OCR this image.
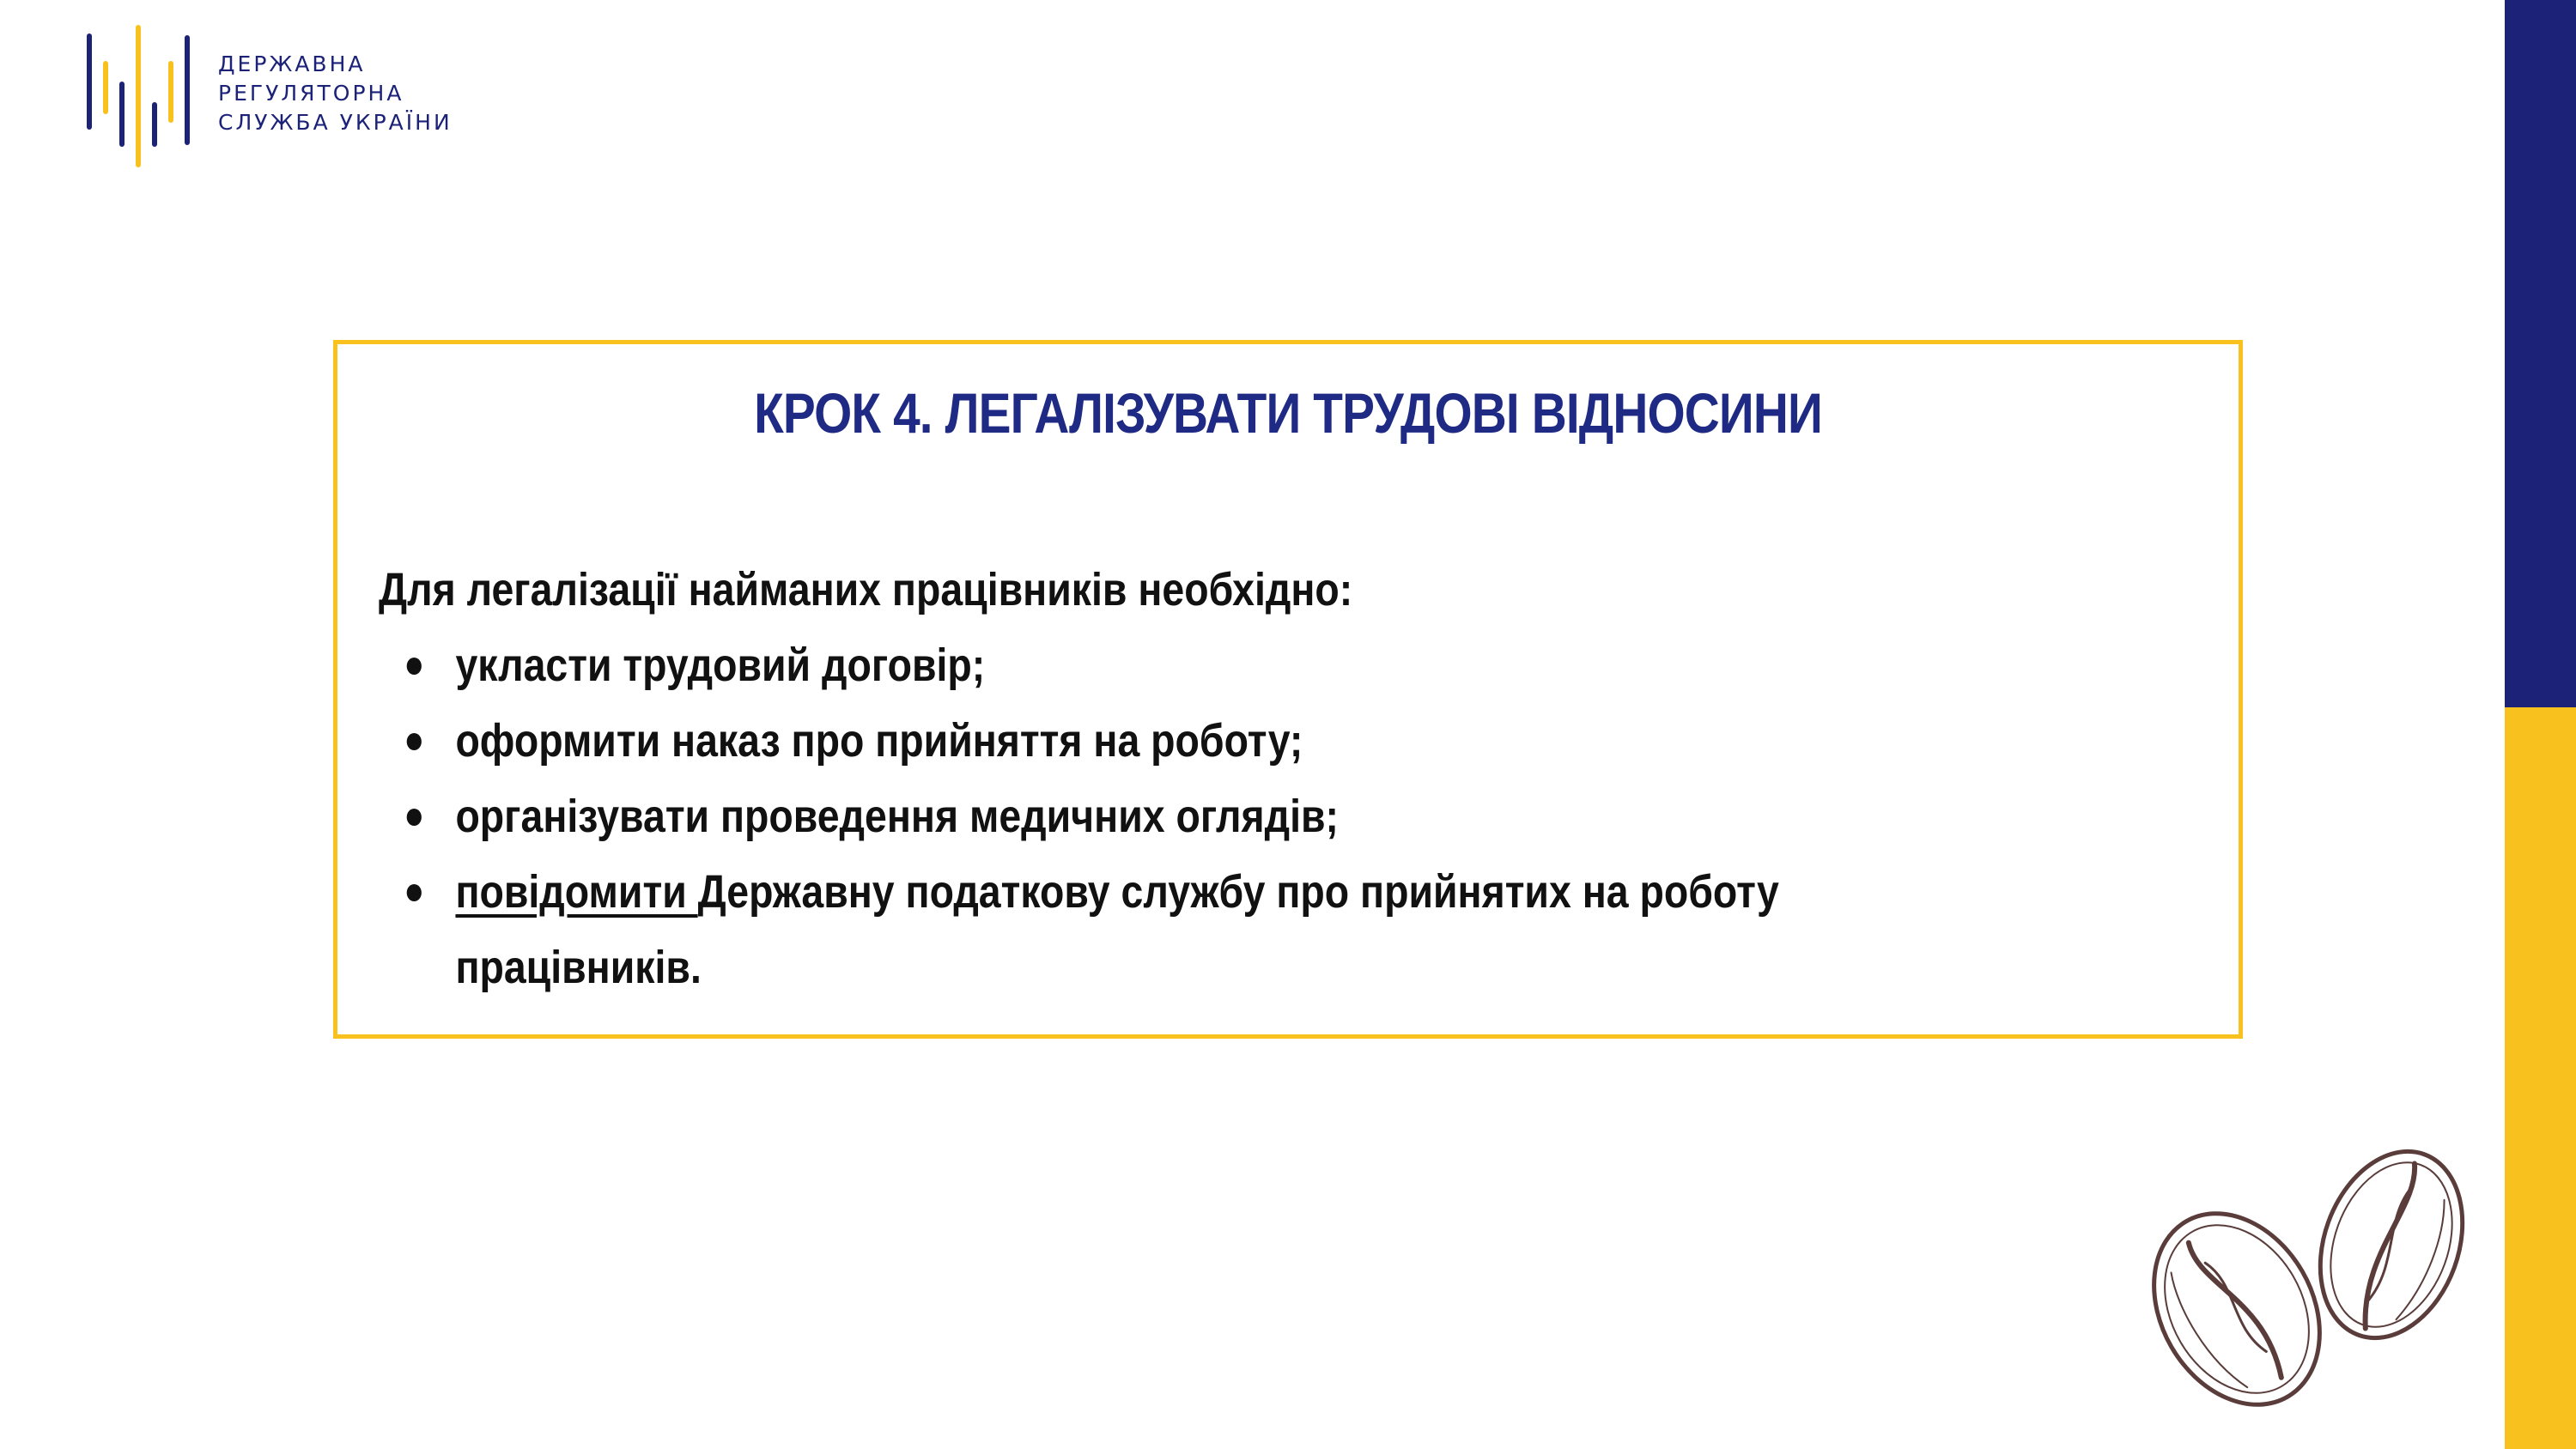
ДЕРЖАВНА
РЕГУЛЯТОРНА
СЛУЖБА УКРАЇНИ
КРОК 4. ЛЕГАЛІЗУВАТИ ТРУДОВІ ВІДНОСИНИ
Для легалізації найманих працівників необхідно:
укласти трудовий договір;
оформити наказ про прийняття на роботу;
організувати проведення медичних оглядів;
повідомити Державну податкову службу про прийнятих на роботу
працівників.
